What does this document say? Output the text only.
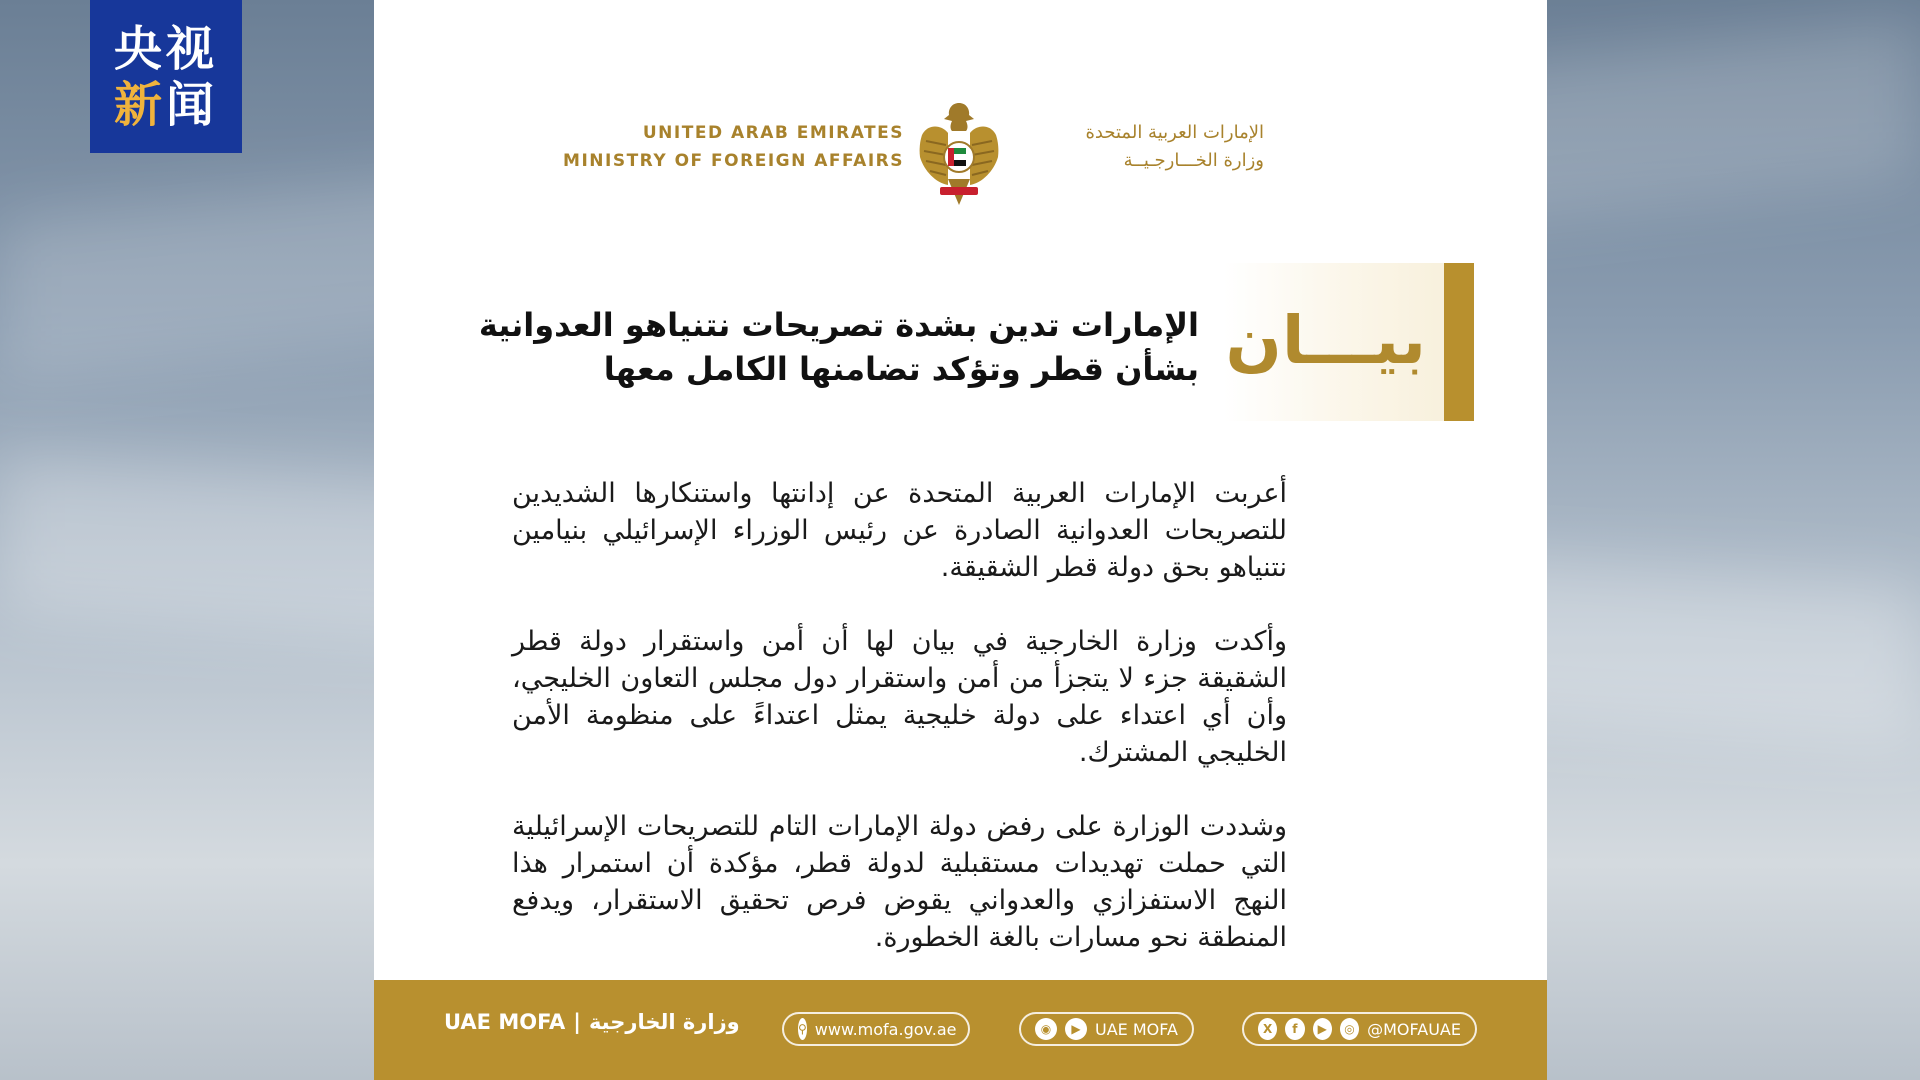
央视
新闻
UNITED ARAB EMIRATES
MINISTRY OF FOREIGN AFFAIRS
الإمارات العربية المتحدة
وزارة الخـــارجـيــة
بيـــان
الإمارات تدين بشدة تصريحات نتنياهو العدوانية
بشأن قطر وتؤكد تضامنها الكامل معها

أعربت الإمارات العربية المتحدة عن إدانتها واستنكارها الشديدين للتصريحات العدوانية الصادرة عن رئيس الوزراء الإسرائيلي بنيامين نتنياهو بحق دولة قطر الشقيقة.

وأكدت وزارة الخارجية في بيان لها أن أمن واستقرار دولة قطر الشقيقة جزء لا يتجزأ من أمن واستقرار دول مجلس التعاون الخليجي، وأن أي اعتداء على دولة خليجية يمثل اعتداءً على منظومة الأمن الخليجي المشترك.

وشددت الوزارة على رفض دولة الإمارات التام للتصريحات الإسرائيلية التي حملت تهديدات مستقبلية لدولة قطر، مؤكدة أن استمرار هذا النهج الاستفزازي والعدواني يقوض فرص تحقيق الاستقرار، ويدفع المنطقة نحو مسارات بالغة الخطورة.

UAE MOFA | وزارة الخارجية	⚲ www.mofa.gov.ae	◉	▶ UAE MOFA	X	f	▶	◎ @MOFAUAE
